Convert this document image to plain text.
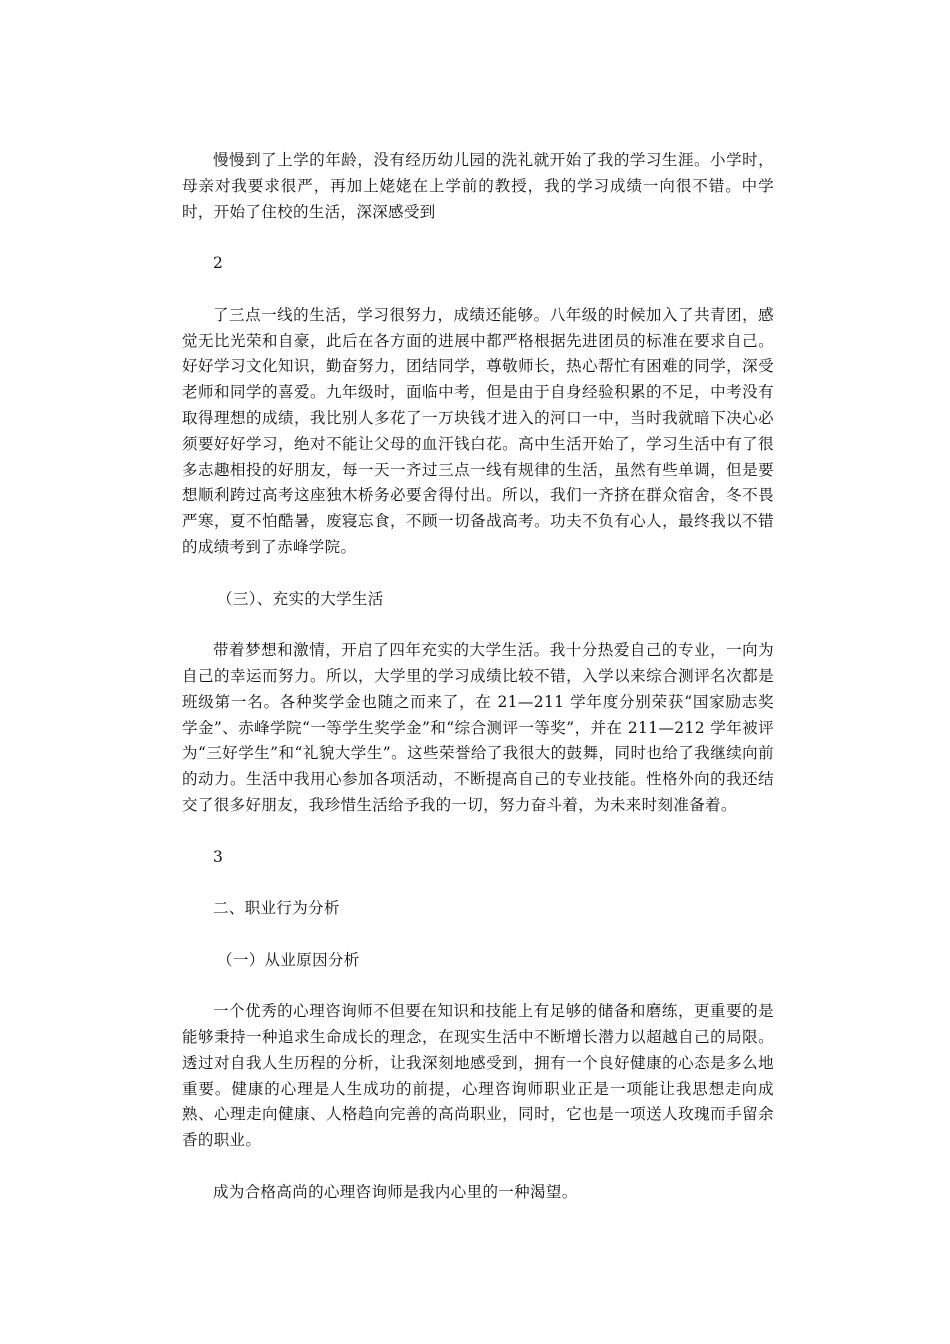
慢慢到了上学的年龄，没有经历幼儿园的洗礼就开始了我的学习生涯。小学时，母亲对我要求很严，再加上姥姥在上学前的教授，我的学习成绩一向很不错。中学时，开始了住校的生活，深深感受到

2

了三点一线的生活，学习很努力，成绩还能够。八年级的时候加入了共青团，感觉无比光荣和自豪，此后在各方面的进展中都严格根据先进团员的标准在要求自己。好好学习文化知识，勤奋努力，团结同学，尊敬师长，热心帮忙有困难的同学，深受老师和同学的喜爱。九年级时，面临中考，但是由于自身经验积累的不足，中考没有取得理想的成绩，我比别人多花了一万块钱才进入的河口一中，当时我就暗下决心必须要好好学习，绝对不能让父母的血汗钱白花。高中生活开始了，学习生活中有了很多志趣相投的好朋友，每一天一齐过三点一线有规律的生活，虽然有些单调，但是要想顺利跨过高考这座独木桥务必要舍得付出。所以，我们一齐挤在群众宿舍，冬不畏严寒，夏不怕酷暑，废寝忘食，不顾一切备战高考。功夫不负有心人，最终我以不错的成绩考到了赤峰学院。

（三）、充实的大学生活

带着梦想和激情，开启了四年充实的大学生活。我十分热爱自己的专业，一向为自己的幸运而努力。所以，大学里的学习成绩比较不错，入学以来综合测评名次都是班级第一名。各种奖学金也随之而来了，在 21—211 学年度分别荣获“国家励志奖学金”、赤峰学院“一等学生奖学金”和“综合测评一等奖”，并在 211—212 学年被评为“三好学生”和“礼貌大学生”。这些荣誉给了我很大的鼓舞，同时也给了我继续向前的动力。生活中我用心参加各项活动，不断提高自己的专业技能。性格外向的我还结交了很多好朋友，我珍惜生活给予我的一切，努力奋斗着，为未来时刻准备着。

3

二、职业行为分析

（一）从业原因分析

一个优秀的心理咨询师不但要在知识和技能上有足够的储备和磨练，更重要的是能够秉持一种追求生命成长的理念，在现实生活中不断增长潜力以超越自己的局限。透过对自我人生历程的分析，让我深刻地感受到，拥有一个良好健康的心态是多么地重要。健康的心理是人生成功的前提，心理咨询师职业正是一项能让我思想走向成熟、心理走向健康、人格趋向完善的高尚职业，同时，它也是一项送人玫瑰而手留余香的职业。

成为合格高尚的心理咨询师是我内心里的一种渴望。
